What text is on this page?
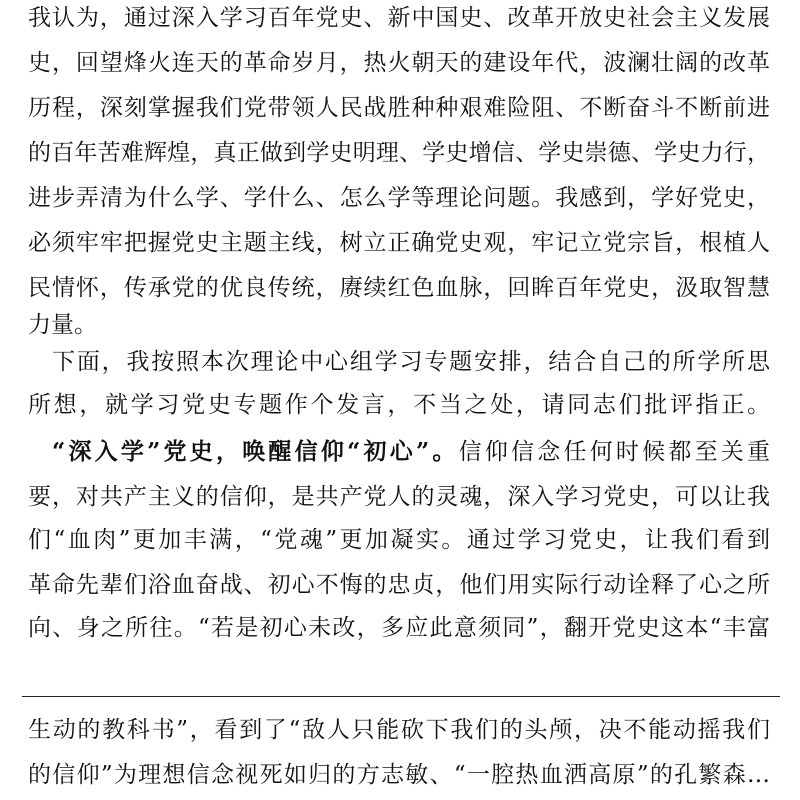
我认为，通过深入学习百年党史、新中国史、改革开放史社会主义发展
史，回望烽火连天的革命岁月，热火朝天的建设年代，波澜壮阔的改革
历程，深刻掌握我们党带领人民战胜种种艰难险阻、不断奋斗不断前进
的百年苦难辉煌，真正做到学史明理、学史增信、学史崇德、学史力行，
进步弄清为什么学、学什么、怎么学等理论问题。我感到，学好党史，
必须牢牢把握党史主题主线，树立正确党史观，牢记立党宗旨，根植人
民情怀，传承党的优良传统，赓续红色血脉，回眸百年党史，汲取智慧
力量。
下面，我按照本次理论中心组学习专题安排，结合自己的所学所思
所想，就学习党史专题作个发言，不当之处，请同志们批评指正。
“深入学”党史，唤醒信仰“初心”。信仰信念任何时候都至关重
要，对共产主义的信仰，是共产党人的灵魂，深入学习党史，可以让我
们“血肉”更加丰满，“党魂”更加凝实。通过学习党史，让我们看到
革命先辈们浴血奋战、初心不悔的忠贞，他们用实际行动诠释了心之所
向、身之所往。“若是初心未改，多应此意须同”，翻开党史这本“丰富
生动的教科书”，看到了“敌人只能砍下我们的头颅，决不能动摇我们
的信仰”为理想信念视死如归的方志敏、“一腔热血洒高原”的孔繁森…
